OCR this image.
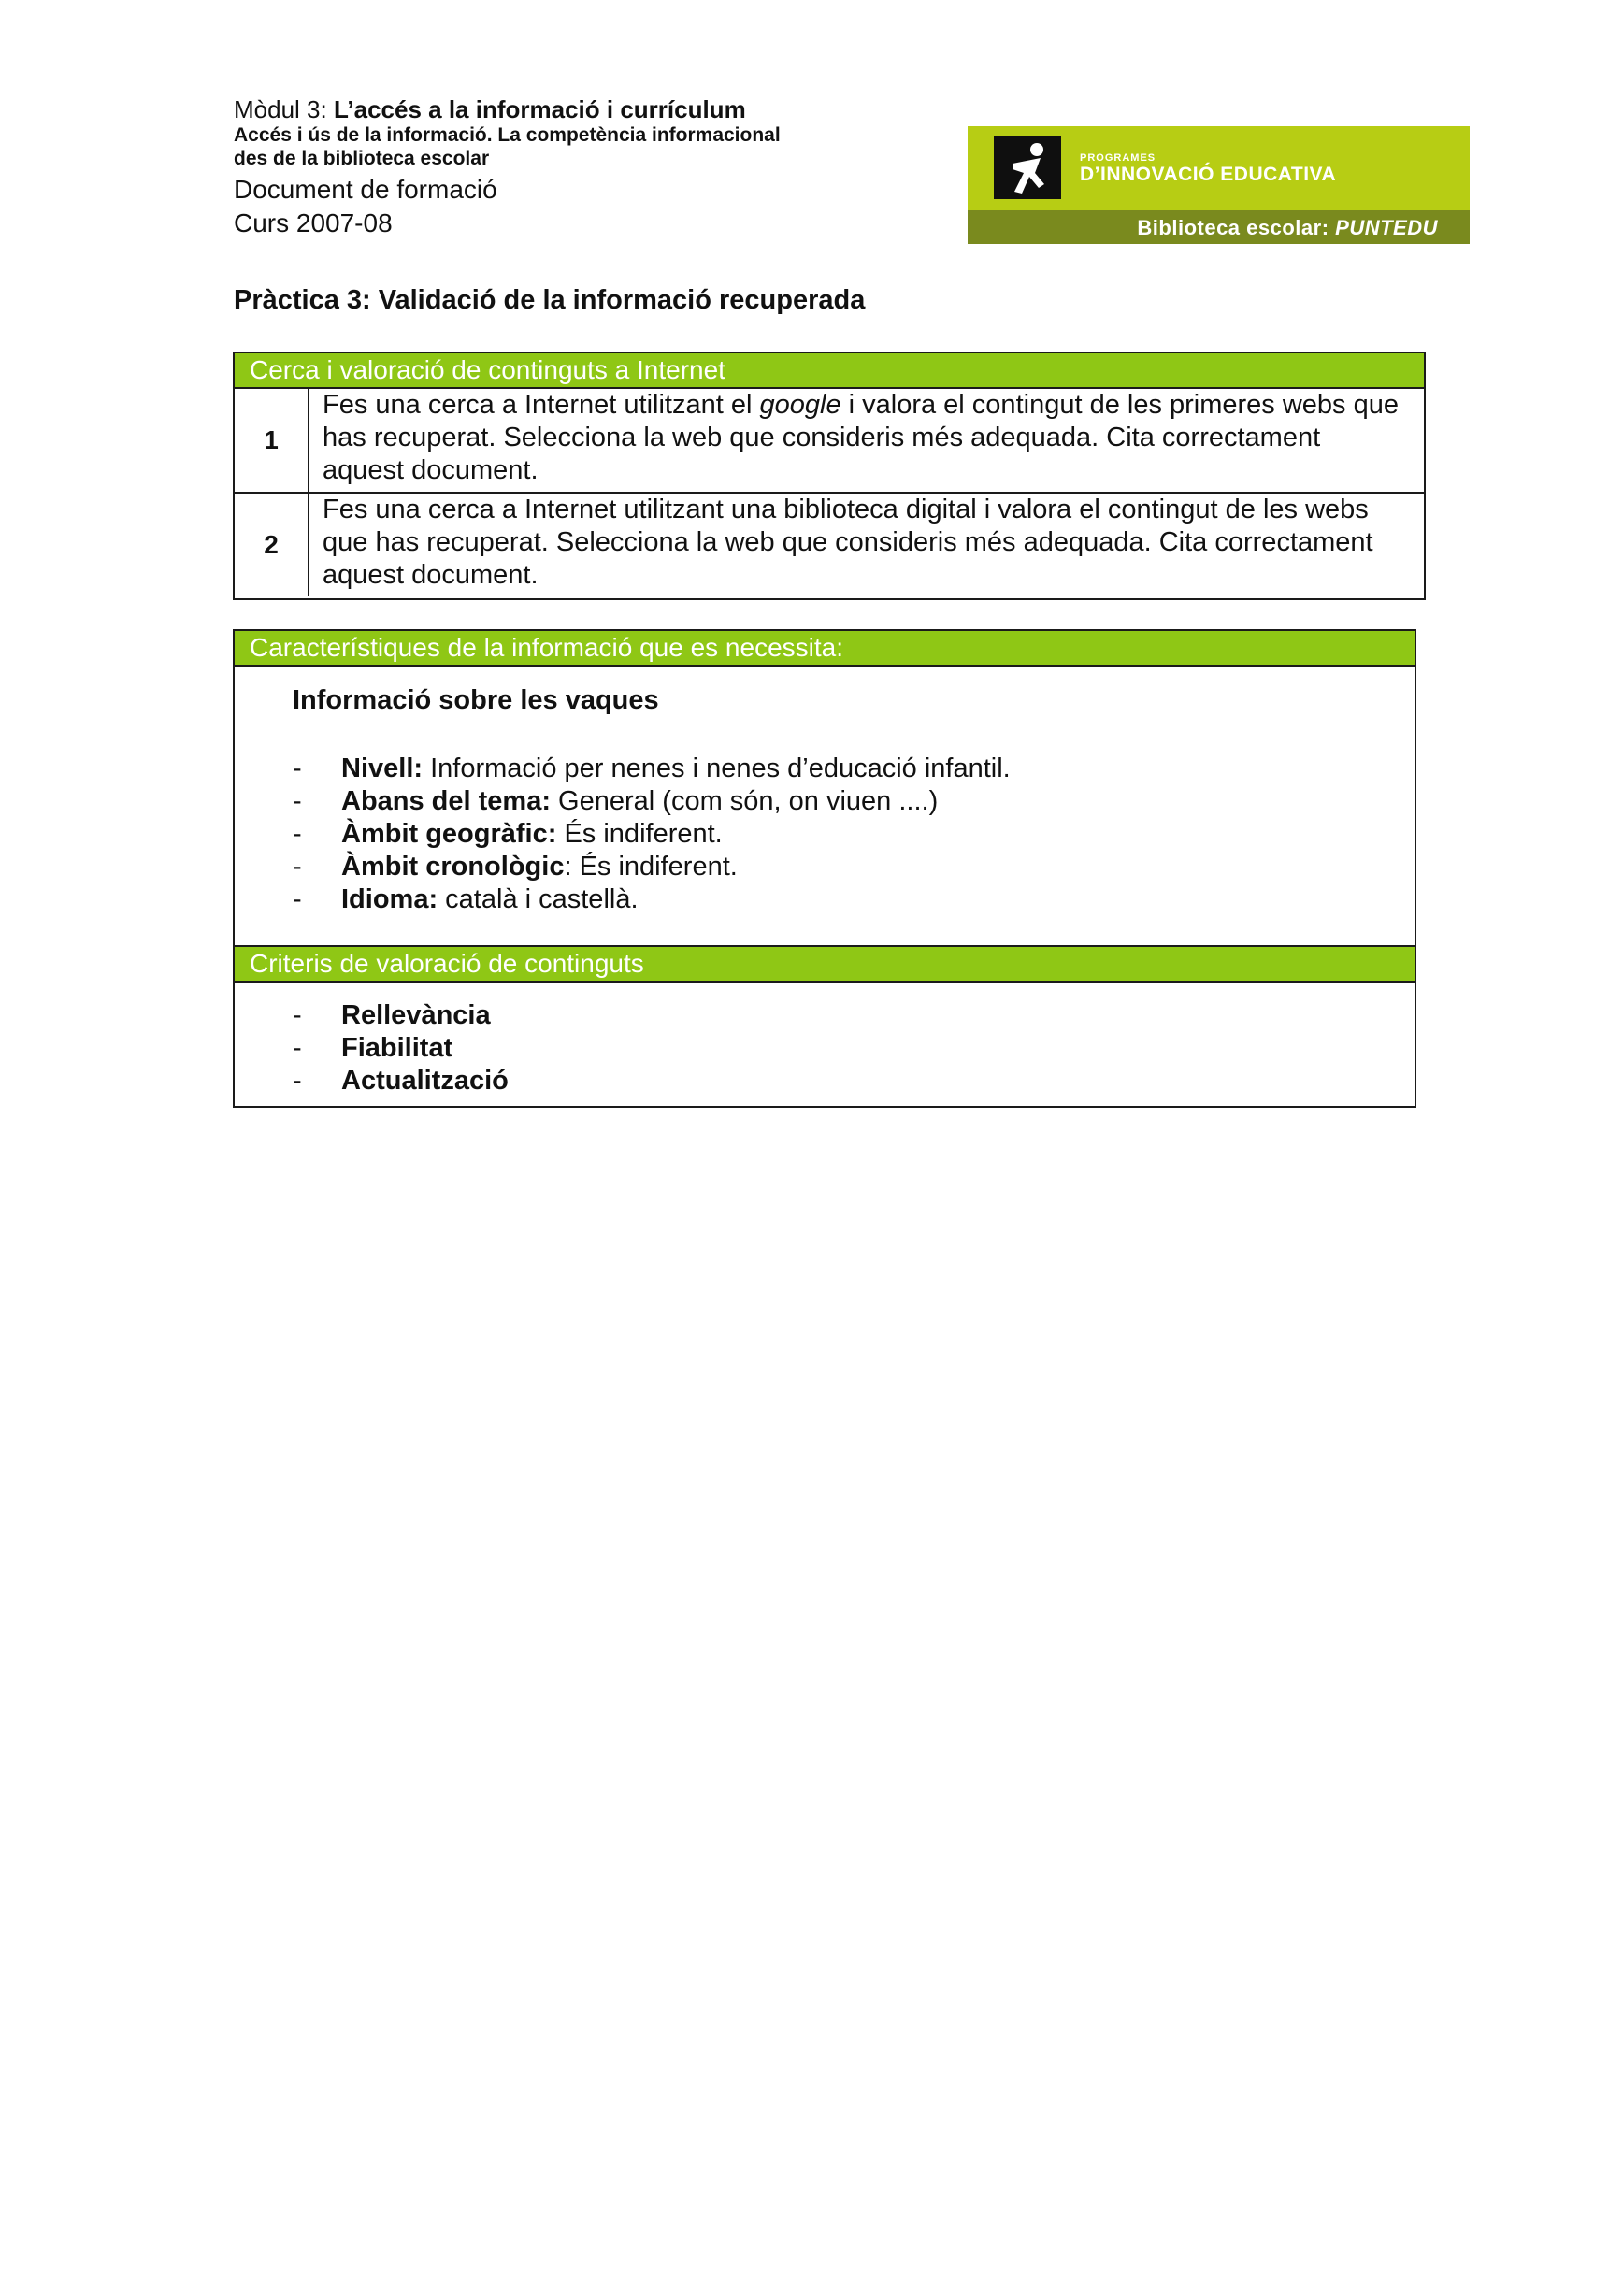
Mòdul 3: L’accés a la informació i currículum
Accés i ús de la informació. La competència informacional
des de la biblioteca escolar
Document de formació
Curs 2007-08
PROGRAMES
D’INNOVACIÓ EDUCATIVA
Biblioteca escolar: PUNTEDU
Pràctica 3: Validació de la informació recuperada
Cerca i valoració de continguts a Internet
1
Fes una cerca a Internet utilitzant el google i valora el contingut de les primeres webs que has recuperat. Selecciona la web que consideris més adequada. Cita correctament aquest document.
2
Fes una cerca a Internet utilitzant una biblioteca digital i valora el contingut de les webs que has recuperat. Selecciona la web que consideris més adequada. Cita correctament aquest document.
Característiques de la informació que es necessita:
Informació sobre les vaques
- Nivell: Informació per nenes i nenes d’educació infantil.
- Abans del tema: General (com són, on viuen ....)
- Àmbit geogràfic: És indiferent.
- Àmbit cronològic: És indiferent.
- Idioma: català i castellà.
Criteris de valoració de continguts
- Rellevància
- Fiabilitat
- Actualització
